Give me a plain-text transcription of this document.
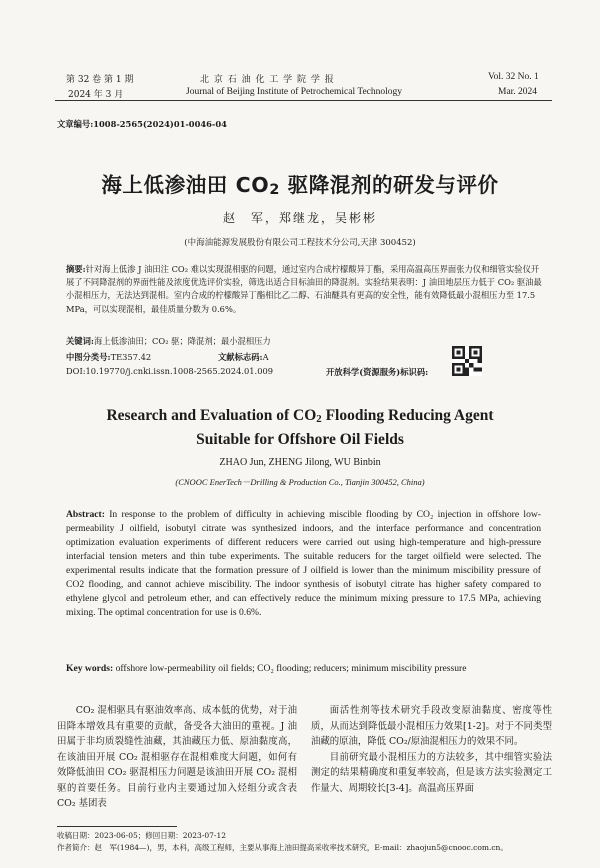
第 32 卷 第 1 期
2024 年 3 月
北 京 石 油 化 工 学 院 学 报
Journal of Beijing Institute of Petrochemical Technology
Vol. 32 No. 1
Mar. 2024
文章编号:1008-2565(2024)01-0046-04
海上低渗油田 $CO_2$ 驱降混剂的研发与评价
赵　军，郑继龙，吴彬彬
(中海油能源发展股份有限公司工程技术分公司,天津 300452)
摘要:针对海上低渗 J 油田注 CO₂ 难以实现混相驱的问题，通过室内合成柠檬酸异丁酯，采用高温高压界面张力仪和细管实验仪开展了不同降混剂的界面性能及浓度优选评价实验，筛选出适合目标油田的降混剂。实验结果表明：J 油田地层压力低于 CO₂ 驱油最小混相压力，无法达到混相。室内合成的柠檬酸异丁酯相比乙二醇、石油醚具有更高的安全性，能有效降低最小混相压力至 17.5 MPa，可以实现混相，最佳质量分数为 0.6%。
关键词:海上低渗油田；CO₂ 驱；降混剂；最小混相压力
中图分类号:TE357.42	文献标志码:A
DOI:10.19770/j.cnki.issn.1008-2565.2024.01.009	开放科学(资源服务)标识码:
Research and Evaluation of $CO_2$ Flooding Reducing Agent
Suitable for Offshore Oil Fields
ZHAO Jun, ZHENG Jilong, WU Binbin
(CNOOC EnerTech－Drilling & Production Co., Tianjin 300452, China)
Abstract: In response to the problem of difficulty in achieving miscible flooding by CO₂ injection in offshore low-permeability J oilfield, isobutyl citrate was synthesized indoors, and the interface performance and concentration optimization evaluation experiments of different reducers were carried out using high-temperature and high-pressure interfacial tension meters and thin tube experiments. The suitable reducers for the target oilfield were selected. The experimental results indicate that the formation pressure of J oilfield is lower than the minimum miscibility pressure of CO2 flooding, and cannot achieve miscibility. The indoor synthesis of isobutyl citrate has higher safety compared to ethylene glycol and petroleum ether, and can effectively reduce the minimum mixing pressure to 17.5 MPa, achieving mixing. The optimal concentration for use is 0.6%.
Key words: offshore low-permeability oil fields; CO₂ flooding; reducers; minimum miscibility pressure

CO₂ 混相驱具有驱油效率高、成本低的优势，对于油田降本增效具有重要的贡献，备受各大油田的重视。J 油田属于非均质裂缝性油藏，其油藏压力低、原油黏度高，在该油田开展 CO₂ 混相驱存在混相难度大问题，如何有效降低油田 CO₂ 驱混相压力问题是该油田开展 CO₂ 混相驱的首要任务。目前行业内主要通过加入烃组分或含表 CO₂ 基团表

面活性剂等技术研究手段改变原油黏度、密度等性质，从而达到降低最小混相压力效果[1-2]。对于不同类型油藏的原油，降低 CO₂/原油混相压力的效果不同。

目前研究最小混相压力的方法较多，其中细管实验法测定的结果精确度和重复率较高，但是该方法实验测定工作量大、周期较长[3-4]。高温高压界面

收稿日期：2023-06-05；修回日期：2023-07-12
作者简介：赵　军(1984—)，男，本科，高级工程师，主要从事海上油田提高采收率技术研究，E-mail：zhaojun5@cnooc.com.cn。
